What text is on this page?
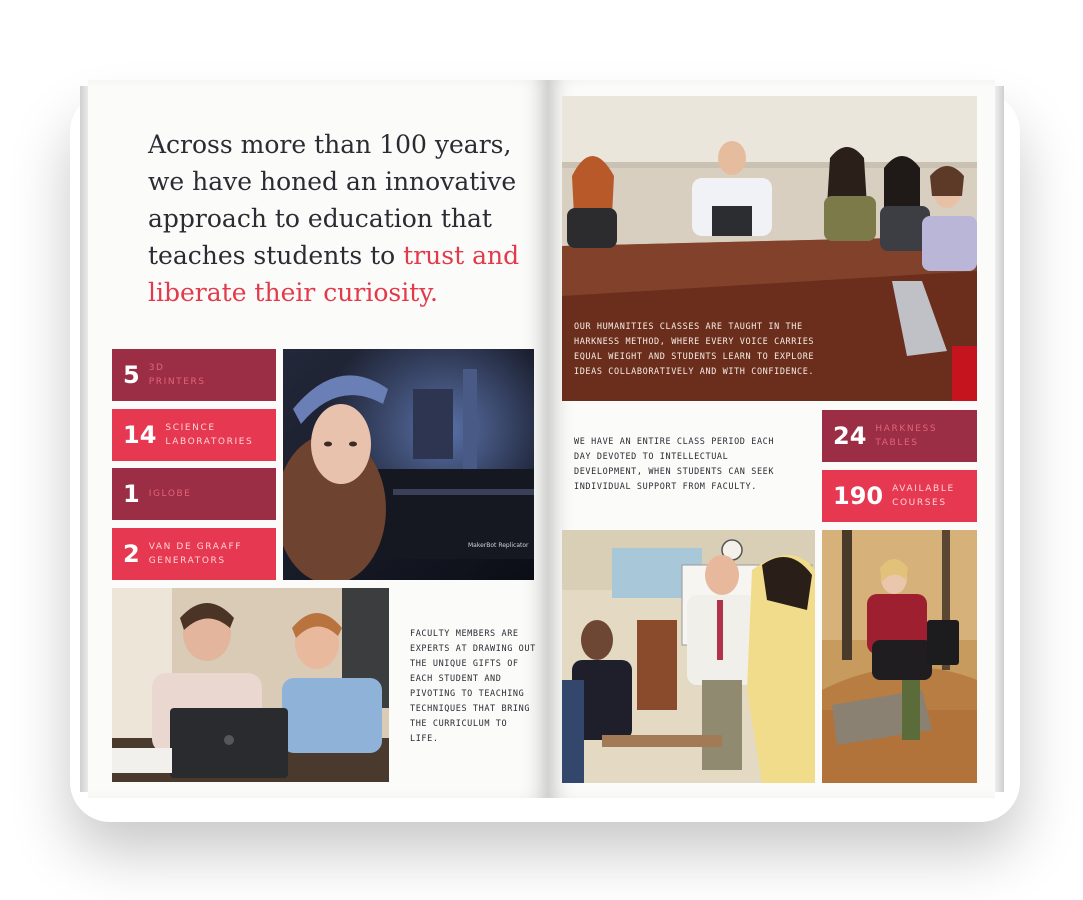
Across more than 100 years, we have honed an innovative approach to education that teaches students to trust and liberate their curiosity.
5 3D
PRINTERS
14 SCIENCE
LABORATORIES
1 IGLOBE
2 VAN DE GRAAFF
GENERATORS
MakerBot Replicator

FACULTY MEMBERS ARE EXPERTS AT DRAWING OUT THE UNIQUE GIFTS OF EACH STUDENT AND PIVOTING TO TEACHING TECHNIQUES THAT BRING THE CURRICULUM TO LIFE.

OUR HUMANITIES CLASSES ARE TAUGHT IN THE HARKNESS METHOD, WHERE EVERY VOICE CARRIES EQUAL WEIGHT AND STUDENTS LEARN TO EXPLORE IDEAS COLLABORATIVELY AND WITH CONFIDENCE.

WE HAVE AN ENTIRE CLASS PERIOD EACH DAY DEVOTED TO INTELLECTUAL DEVELOPMENT, WHEN STUDENTS CAN SEEK INDIVIDUAL SUPPORT FROM FACULTY.

24 HARKNESS
TABLES
190 AVAILABLE
COURSES
